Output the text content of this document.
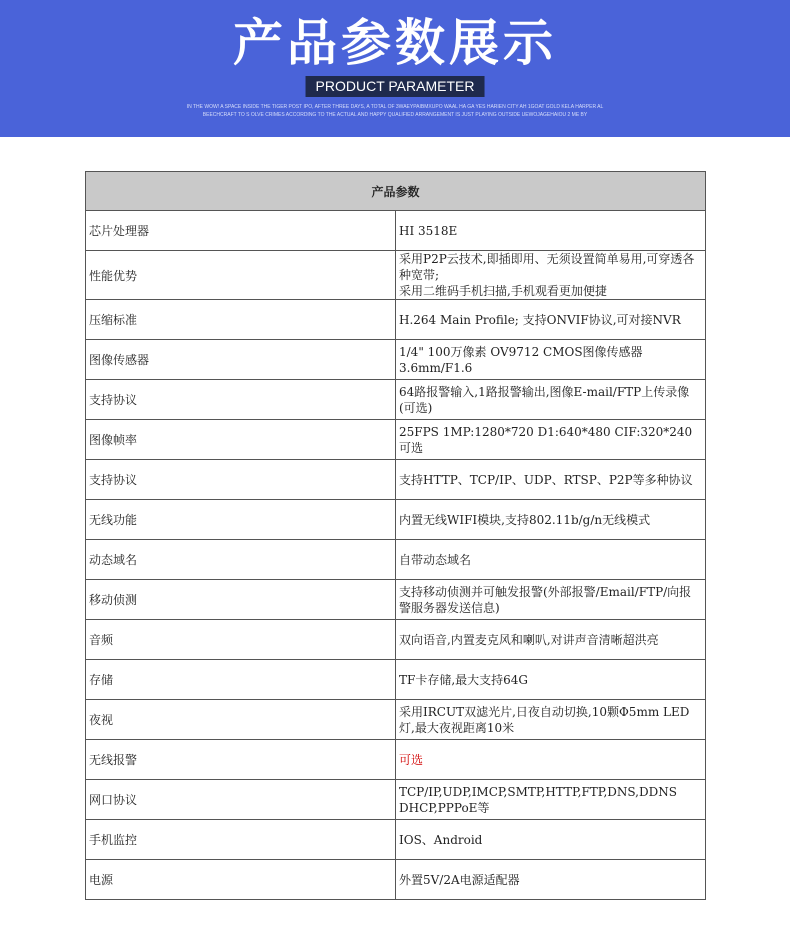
产品参数展示
PRODUCT PARAMETER
IN THE WOW! A SPACE INSIDE THE TIGER POST IPO, AFTER THREE DAYS, A TOTAL OF 3WAEYPAIBMXUPO WAAL HA GA YES HARIEN CITY AH 1GOAT GOLD KELA HARPER AL BEECHCRAFT TO S OLVE CRIMES ACCORDING TO THE ACTUAL AND HAPPY QUALIFIED ARRANGEMENT IS JUST PLAYING OUTSIDE UEWOJAGEHAIOU 2 ME BY
产品参数	
芯片处理器	HI 3518E
性能优势	采用P2P云技术,即插即用、无须设置简单易用,可穿透各种宽带;
采用二维码手机扫描,手机观看更加便捷
压缩标准	H.264 Main Profile; 支持ONVIF协议,可对接NVR
图像传感器	1/4" 100万像素 OV9712 CMOS图像传感器 3.6mm/F1.6
支持协议	64路报警输入,1路报警输出,图像E-mail/FTP上传录像(可选)
图像帧率	25FPS 1MP:1280*720 D1:640*480 CIF:320*240可选
支持协议	支持HTTP、TCP/IP、UDP、RTSP、P2P等多种协议
无线功能	内置无线WIFI模块,支持802.11b/g/n无线模式
动态域名	自带动态域名
移动侦测	支持移动侦测并可触发报警(外部报警/Email/FTP/向报警服务器发送信息)
音频	双向语音,内置麦克风和喇叭,对讲声音清晰超洪亮
存储	TF卡存储,最大支持64G
夜视	采用IRCUT双滤光片,日夜自动切换,10颗Φ5mm LED灯,最大夜视距离10米
无线报警	可选
网口协议	TCP/IP,UDP,IMCP,SMTP,HTTP,FTP,DNS,DDNS DHCP,PPPoE等
手机监控	IOS、Android
电源	外置5V/2A电源适配器
